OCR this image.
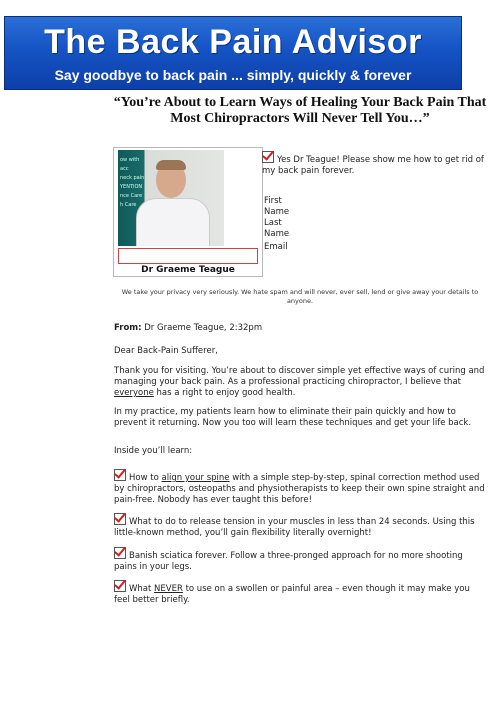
The Back Pain Advisor
Say goodbye to back pain ... simply, quickly & forever
“You’re About to Learn Ways of Healing Your Back Pain That Most Chiropractors Will Never Tell You…”
ow with acc
neck pain
YENTION
nce Care
h Care
Dr Graeme Teague
Yes Dr Teague! Please show me how to get rid of my back pain forever.
First Name
Last Name
Email
We take your privacy very seriously. We hate spam and will never, ever sell, lend or give away your details to anyone.
From: Dr Graeme Teague, 2:32pm
Dear Back-Pain Sufferer,
Thank you for visiting. You’re about to discover simple yet effective ways of curing and managing your back pain. As a professional practicing chiropractor, I believe that everyone has a right to enjoy good health.
In my practice, my patients learn how to eliminate their pain quickly and how to prevent it returning. Now you too will learn these techniques and get your life back.
Inside you’ll learn:
How to align your spine with a simple step-by-step, spinal correction method used by chiropractors, osteopaths and physiotherapists to keep their own spine straight and pain-free. Nobody has ever taught this before!
What to do to release tension in your muscles in less than 24 seconds. Using this little-known method, you’ll gain flexibility literally overnight!
Banish sciatica forever. Follow a three-pronged approach for no more shooting pains in your legs.
What NEVER to use on a swollen or painful area – even though it may make you feel better briefly.
